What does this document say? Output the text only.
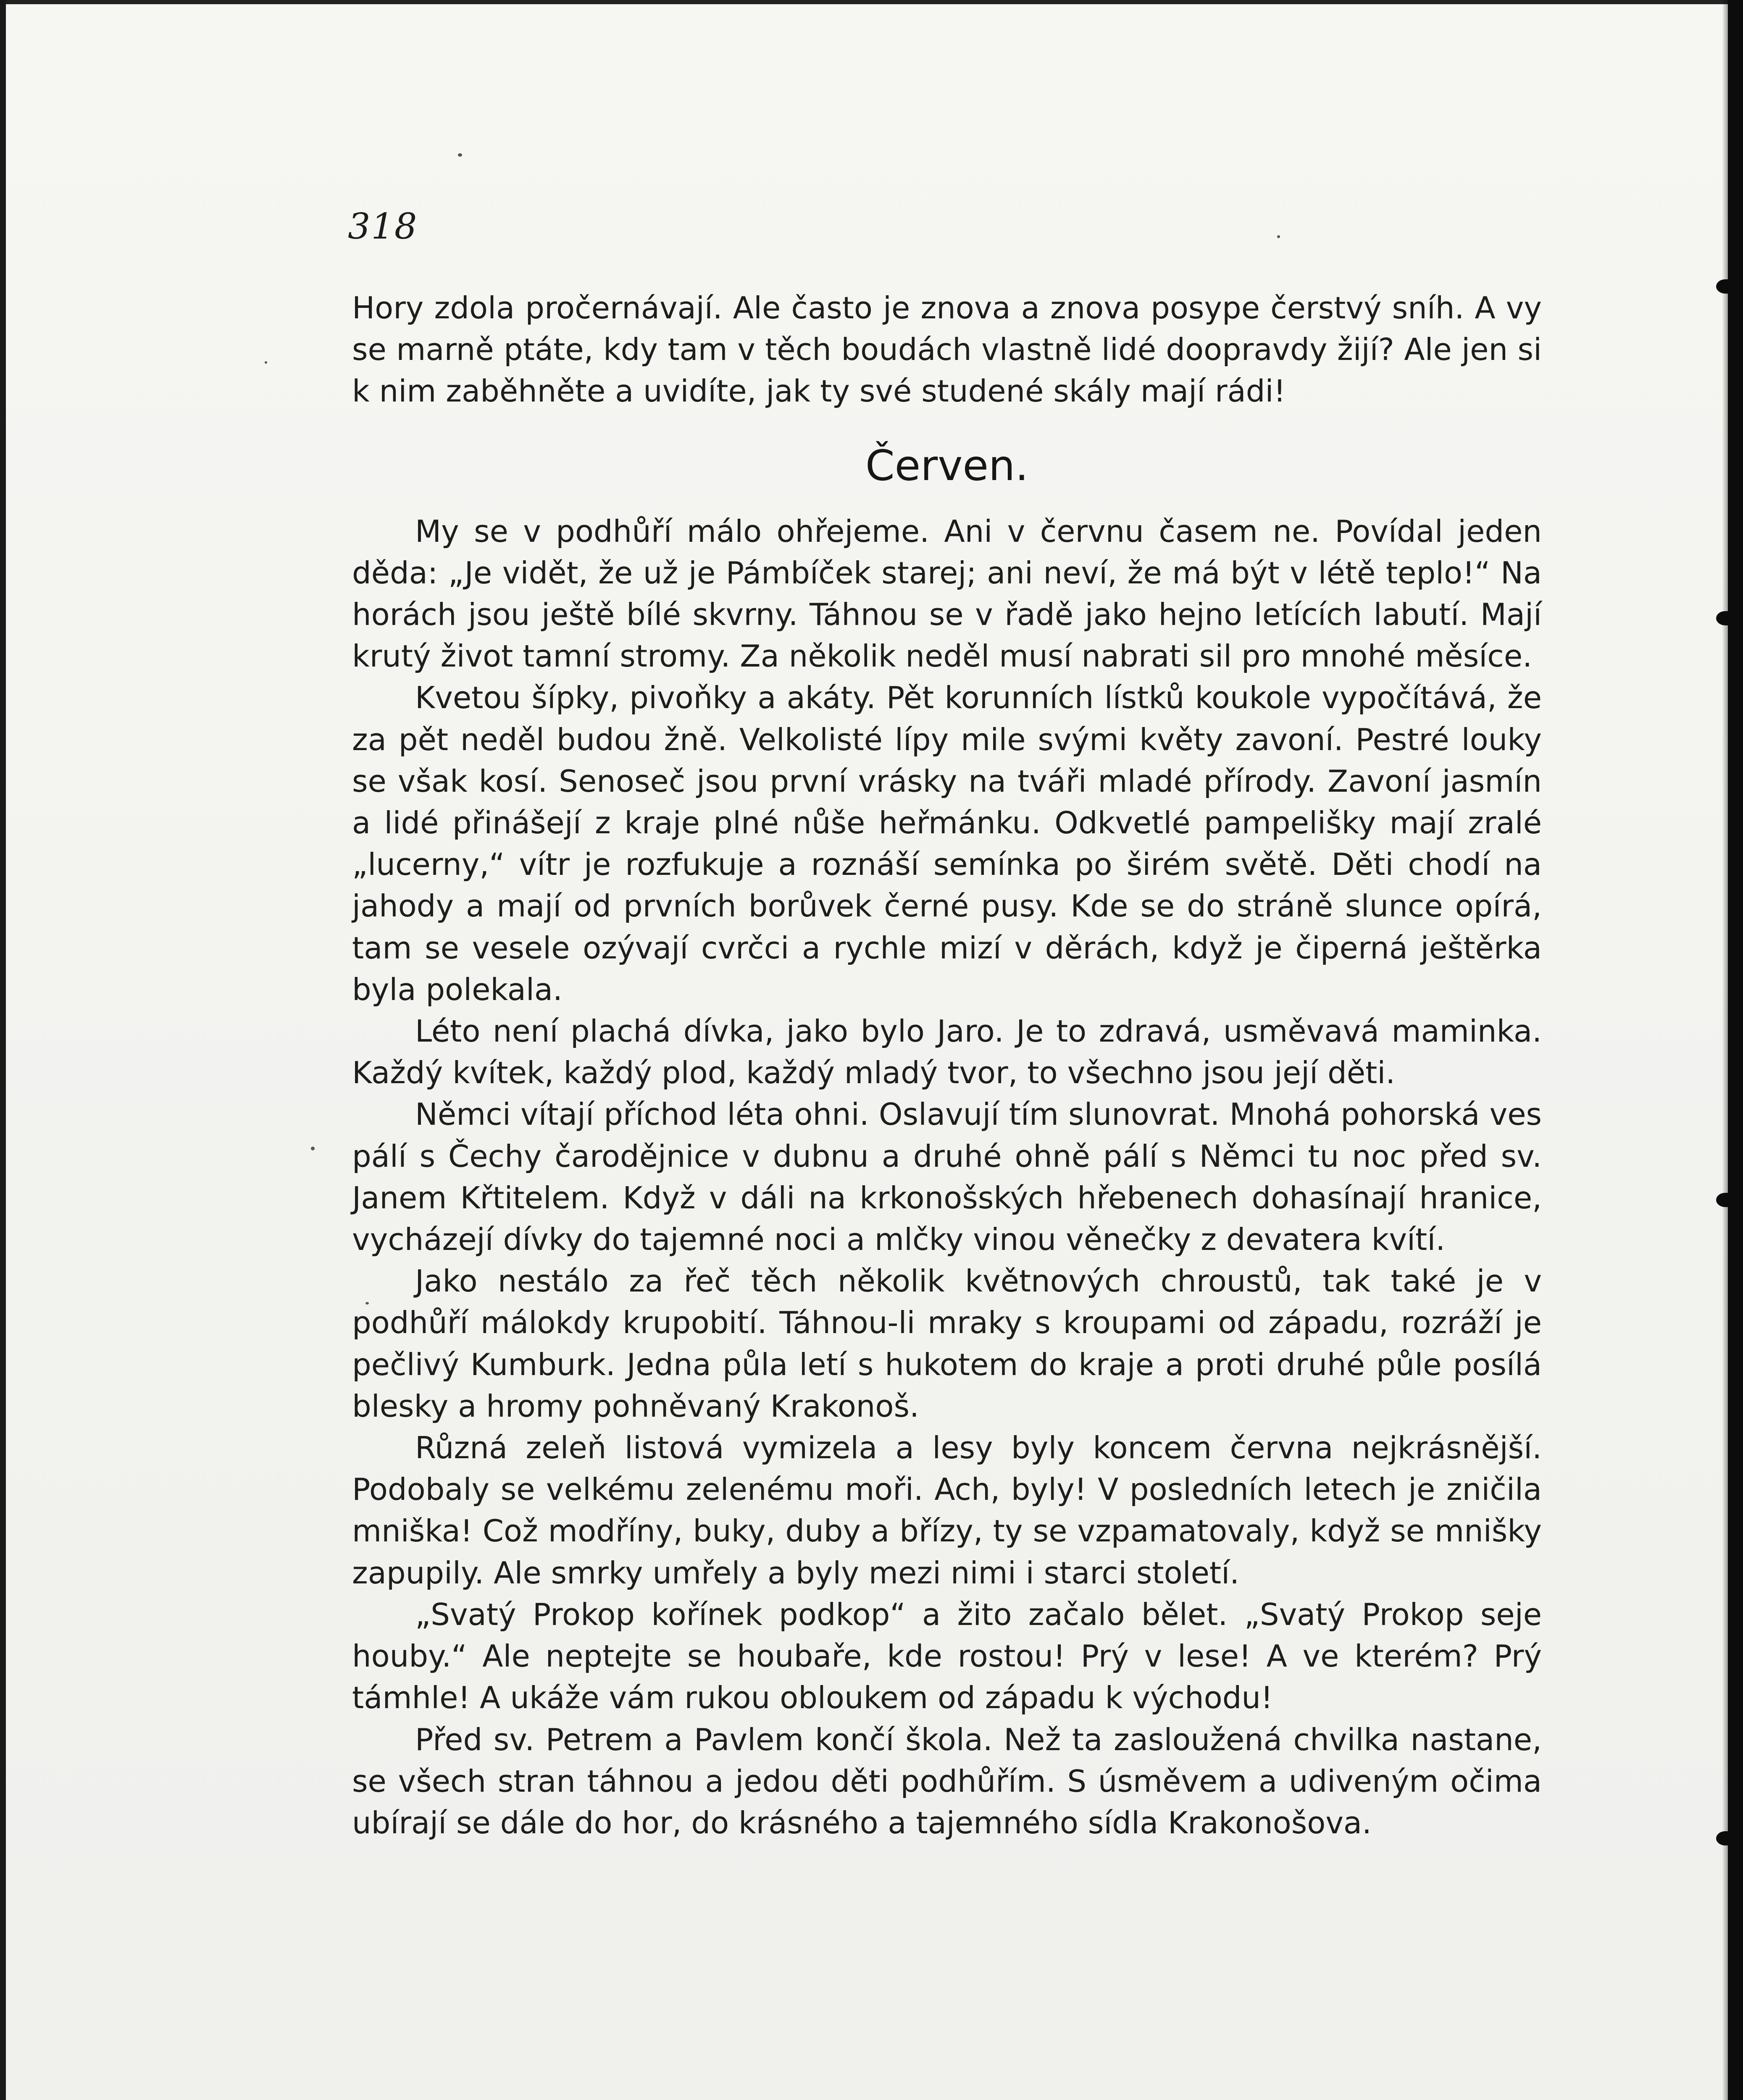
318

Hory zdola pročernávají. Ale často je znova a znova posype čerstvý sníh. A vy se marně ptáte, kdy tam v těch boudách vlastně lidé doopravdy žijí? Ale jen si k nim zaběhněte a uvidíte, jak ty své studené skály mají rádi!

Červen.

My se v podhůří málo ohřejeme. Ani v červnu časem ne. Povídal jeden děda: „Je vidět, že už je Pámbíček starej; ani neví, že má být v létě teplo!“ Na horách jsou ještě bílé skvrny. Táhnou se v řadě jako hejno letících labutí. Mají krutý život tamní stromy. Za několik neděl musí nabrati sil pro mnohé měsíce.

Kvetou šípky, pivoňky a akáty. Pět korunních lístků koukole vypočítává, že za pět neděl budou žně. Velkolisté lípy mile svými květy zavoní. Pestré louky se však kosí. Senoseč jsou první vrásky na tváři mladé přírody. Zavoní jasmín a lidé přinášejí z kraje plné nůše heřmánku. Odkvetlé pampelišky mají zralé „lucerny,“ vítr je rozfukuje a roznáší semínka po širém světě. Děti chodí na jahody a mají od prvních borůvek černé pusy. Kde se do stráně slunce opírá, tam se vesele ozývají cvrčci a rychle mizí v děrách, když je čiperná ještěrka byla polekala.

Léto není plachá dívka, jako bylo Jaro. Je to zdravá, usměvavá maminka. Každý kvítek, každý plod, každý mladý tvor, to všechno jsou její děti.

Němci vítají příchod léta ohni. Oslavují tím slunovrat. Mnohá pohorská ves pálí s Čechy čarodějnice v dubnu a druhé ohně pálí s Němci tu noc před sv. Janem Křtitelem. Když v dáli na krkonošských hřebenech dohasínají hranice, vycházejí dívky do tajemné noci a mlčky vinou věnečky z devatera kvítí.

Jako nestálo za řeč těch několik květnových chroustů, tak také je v podhůří málokdy krupobití. Táhnou-li mraky s kroupami od západu, rozráží je pečlivý Kumburk. Jedna půla letí s hukotem do kraje a proti druhé půle posílá blesky a hromy pohněvaný Krakonoš.

Různá zeleň listová vymizela a lesy byly koncem června nejkrásnější. Podobaly se velkému zelenému moři. Ach, byly! V posledních letech je zničila mniška! Což modříny, buky, duby a břízy, ty se vzpamatovaly, když se mnišky zapupily. Ale smrky umřely a byly mezi nimi i starci století.

„Svatý Prokop kořínek podkop“ a žito začalo bělet. „Svatý Prokop seje houby.“ Ale neptejte se houbaře, kde rostou! Prý v lese! A ve kterém? Prý támhle! A ukáže vám rukou obloukem od západu k východu!

Před sv. Petrem a Pavlem končí škola. Než ta zasloužená chvilka nastane, se všech stran táhnou a jedou děti podhůřím. S úsměvem a udiveným očima ubírají se dále do hor, do krásného a tajemného sídla Krakonošova.
